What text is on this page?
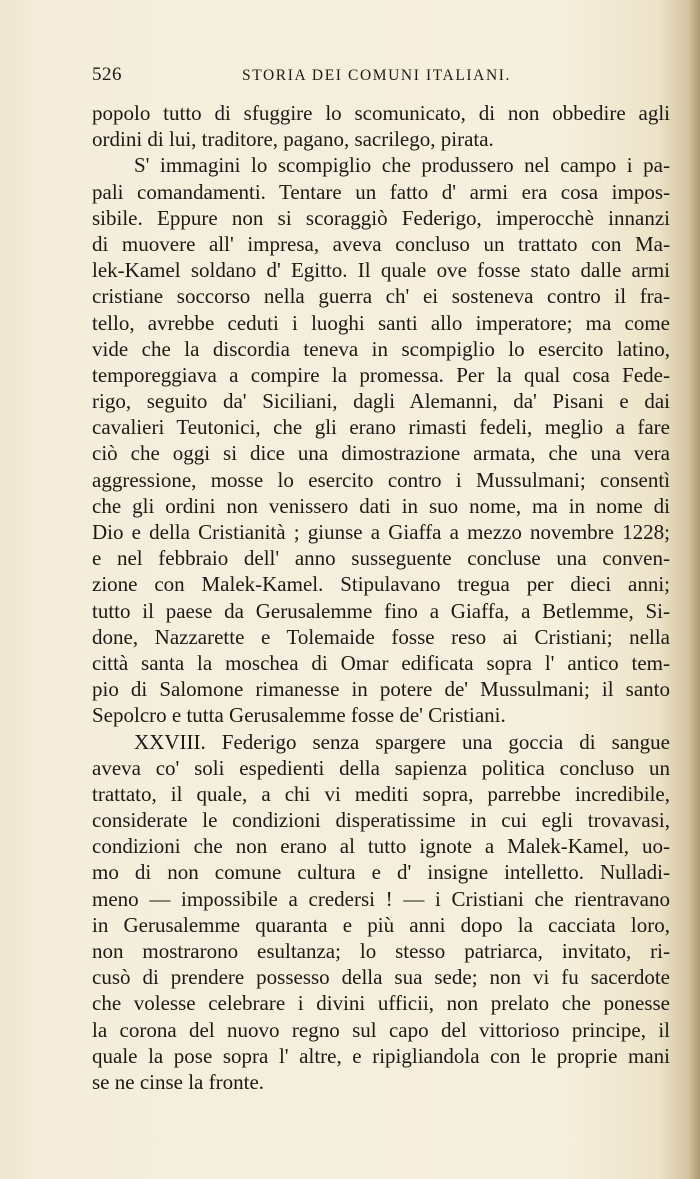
526	STORIA DEI COMUNI ITALIANI.
popolo tutto di sfuggire lo scomunicato, di non obbedire agli
ordini di lui, traditore, pagano, sacrilego, pirata.
S' immagini lo scompiglio che produssero nel campo i pa-
pali comandamenti. Tentare un fatto d' armi era cosa impos-
sibile. Eppure non si scoraggiò Federigo, imperocchè innanzi
di muovere all' impresa, aveva concluso un trattato con Ma-
lek-Kamel soldano d' Egitto. Il quale ove fosse stato dalle armi
cristiane soccorso nella guerra ch' ei sosteneva contro il fra-
tello, avrebbe ceduti i luoghi santi allo imperatore; ma come
vide che la discordia teneva in scompiglio lo esercito latino,
temporeggiava a compire la promessa. Per la qual cosa Fede-
rigo, seguito da' Siciliani, dagli Alemanni, da' Pisani e dai
cavalieri Teutonici, che gli erano rimasti fedeli, meglio a fare
ciò che oggi si dice una dimostrazione armata, che una vera
aggressione, mosse lo esercito contro i Mussulmani; consentì
che gli ordini non venissero dati in suo nome, ma in nome di
Dio e della Cristianità ; giunse a Giaffa a mezzo novembre 1228;
e nel febbraio dell' anno susseguente concluse una conven-
zione con Malek-Kamel. Stipulavano tregua per dieci anni;
tutto il paese da Gerusalemme fino a Giaffa, a Betlemme, Si-
done, Nazzarette e Tolemaide fosse reso ai Cristiani; nella
città santa la moschea di Omar edificata sopra l' antico tem-
pio di Salomone rimanesse in potere de' Mussulmani; il santo
Sepolcro e tutta Gerusalemme fosse de' Cristiani.
XXVIII. Federigo senza spargere una goccia di sangue
aveva co' soli espedienti della sapienza politica concluso un
trattato, il quale, a chi vi mediti sopra, parrebbe incredibile,
considerate le condizioni disperatissime in cui egli trovavasi,
condizioni che non erano al tutto ignote a Malek-Kamel, uo-
mo di non comune cultura e d' insigne intelletto. Nulladi-
meno — impossibile a credersi ! — i Cristiani che rientravano
in Gerusalemme quaranta e più anni dopo la cacciata loro,
non mostrarono esultanza; lo stesso patriarca, invitato, ri-
cusò di prendere possesso della sua sede; non vi fu sacerdote
che volesse celebrare i divini ufficii, non prelato che ponesse
la corona del nuovo regno sul capo del vittorioso principe, il
quale la pose sopra l' altre, e ripigliandola con le proprie mani
se ne cinse la fronte.
